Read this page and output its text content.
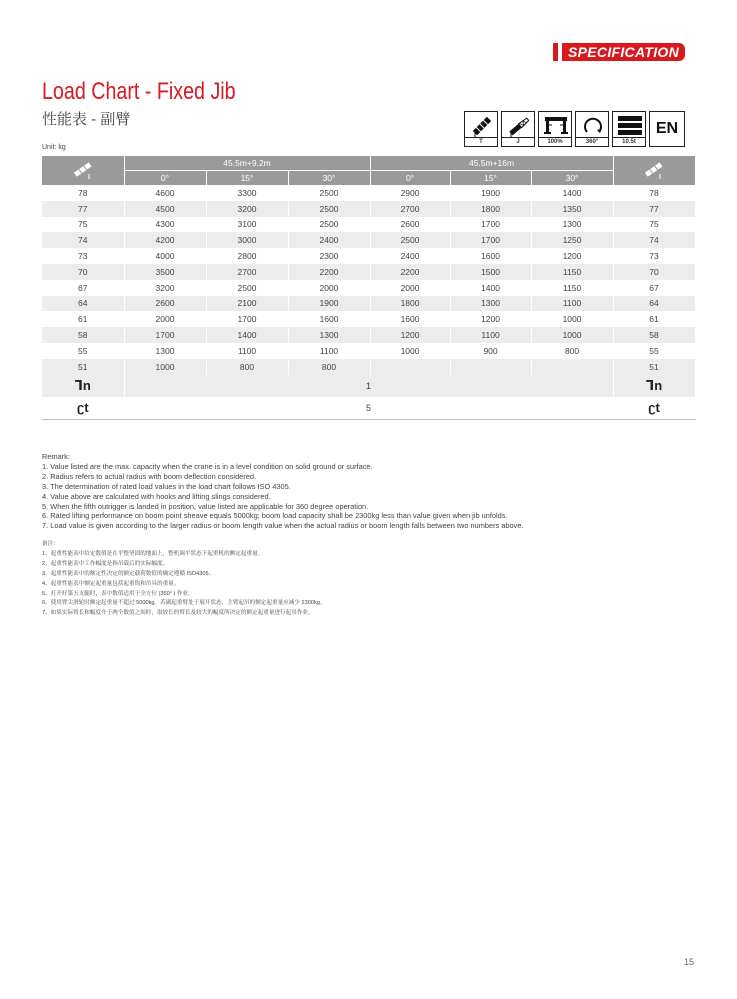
SPECIFICATION
Load Chart - Fixed Jib
性能表 - 副臂
Unit: kg
T	J	100%	360°	10.5t
EN
	45.5m+9.2m			45.5m+16m	
	0°	15°	30°	0°	15°	30°	
78	4600	3300	2500	2900	1900	1400	78
77	4500	3200	2500	2700	1800	1350	77
75	4300	3100	2500	2600	1700	1300	75
74	4200	3000	2400	2500	1700	1250	74
73	4000	2800	2300	2400	1600	1200	73
70	3500	2700	2200	2200	1500	1150	70
67	3200	2500	2000	2000	1400	1150	67
64	2600	2100	1900	1800	1300	1100	64
61	2000	1700	1600	1600	1200	1000	61
58	1700	1400	1300	1200	1100	1000	58
55	1300	1100	1100	1000	900	800	55
51	1000	800	800				51
Ꞁn	1						Ꞁn
ʗt	5						ʗt
Remark:
1. Value listed are the max. capacity when the crane is in a level condition on solid ground or surface.
2. Radius refers to actual radius with boom deflection considered.
3. The determination of rated load values in the load chart follows ISO 4305.
4. Value above are calculated with hooks and lifting slings considered.
5. When the fifth outrigger is landed in position, value listed are applicable for 360 degree operation.
6. Rated lifting performance on boom point sheave equals 5000kg; boom load capacity shall be 2300kg less than value given when jib unfolds.
7. Load value is given according to the larger radius or boom length value when the actual radius or boom length falls between two numbers above.
备注：
1、起重性能表中给定数值是在平整坚固的地面上，整机调平状态下起重机的额定起重量。
2、起重性能表中工作幅度是指吊载后的实际幅度。
3、起重性能表中的额定性决定的额定载荷数值的确定遵循 ISO4305。
4、起重性能表中额定起重量包括起重钩和吊具的重量。
5、打开好第五支腿时，表中数值适用于全方位 (360° ) 作业。
6、使用臂尖滑轮时额定起重量不超过 5000kg。若副起重臂处于展开状态，主臂起吊的额定起重量应减少 2300kg。
7、如果实际臂长和幅度介于两个数值之间时，取较长的臂长及较大的幅度所决定的额定起重量进行起吊作业。
15
